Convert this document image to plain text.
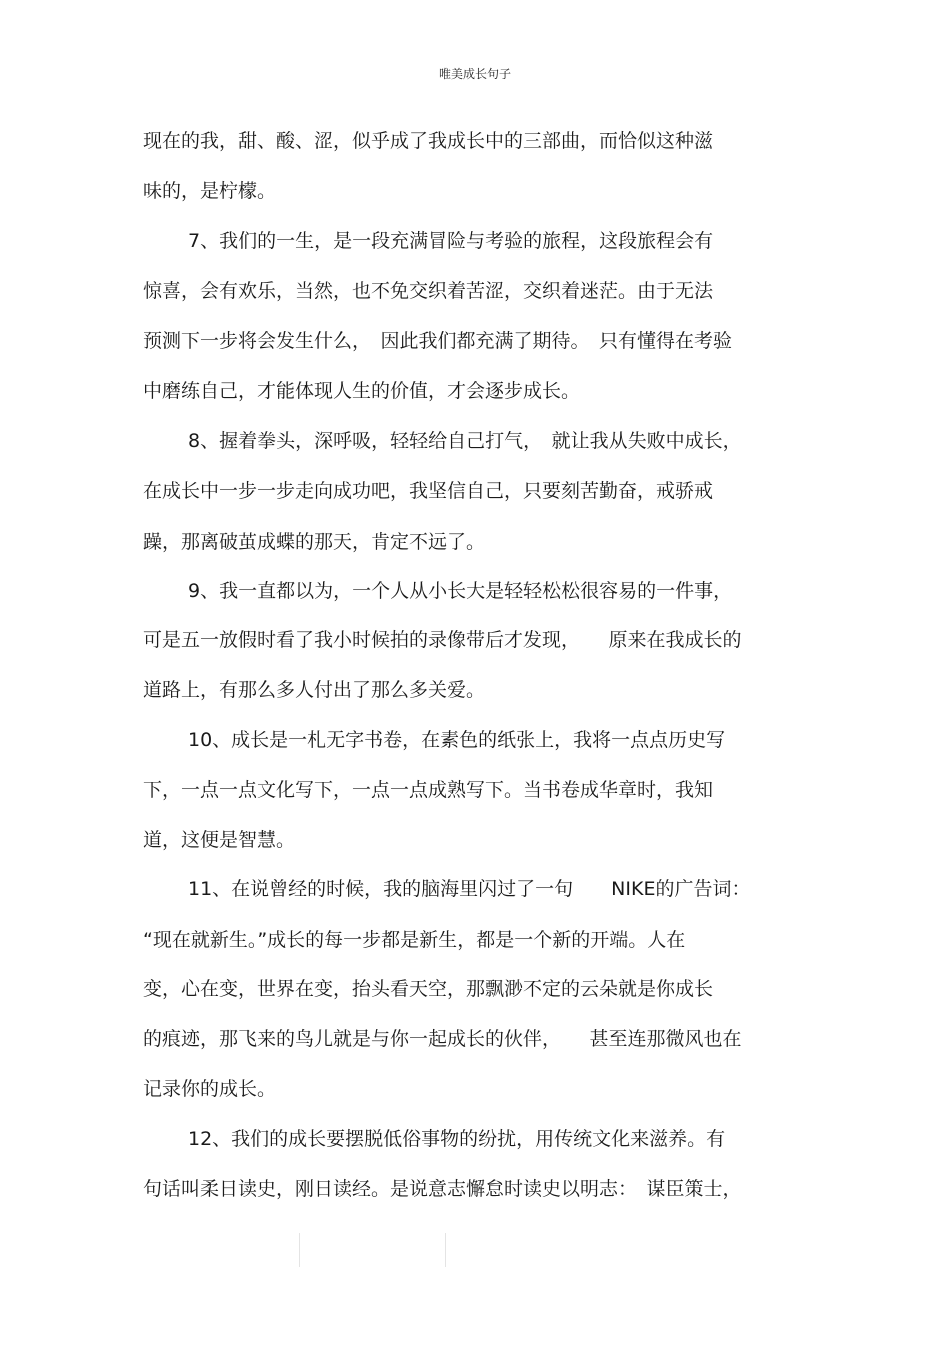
唯美成长句子
现在的我，甜、酸、涩，似乎成了我成长中的三部曲，而恰似这种滋
味的，是柠檬。
7、我们的一生，是一段充满冒险与考验的旅程，这段旅程会有
惊喜，会有欢乐，当然，也不免交织着苦涩，交织着迷茫。由于无法
预测下一步将会发生什么，　因此我们都充满了期待。　只有懂得在考验
中磨练自己，才能体现人生的价值，才会逐步成长。
8、握着拳头，深呼吸，轻轻给自己打气，　就让我从失败中成长，
在成长中一步一步走向成功吧，我坚信自己，只要刻苦勤奋，戒骄戒
躁，那离破茧成蝶的那天，肯定不远了。
9、我一直都以为，一个人从小长大是轻轻松松很容易的一件事，
可是五一放假时看了我小时候拍的录像带后才发现，　　原来在我成长的
道路上，有那么多人付出了那么多关爱。
10、成长是一札无字书卷，在素色的纸张上，我将一点点历史写
下，一点一点文化写下，一点一点成熟写下。当书卷成华章时，我知
道，这便是智慧。
11、在说曾经的时候，我的脑海里闪过了一句　　NIKE的广告词：
“现在就新生。”成长的每一步都是新生，都是一个新的开端。人在
变，心在变，世界在变，抬头看天空，那飘渺不定的云朵就是你成长
的痕迹，那飞来的鸟儿就是与你一起成长的伙伴，　　甚至连那微风也在
记录你的成长。
12、我们的成长要摆脱低俗事物的纷扰，用传统文化来滋养。有
句话叫柔日读史，刚日读经。是说意志懈怠时读史以明志：　谋臣策士，
